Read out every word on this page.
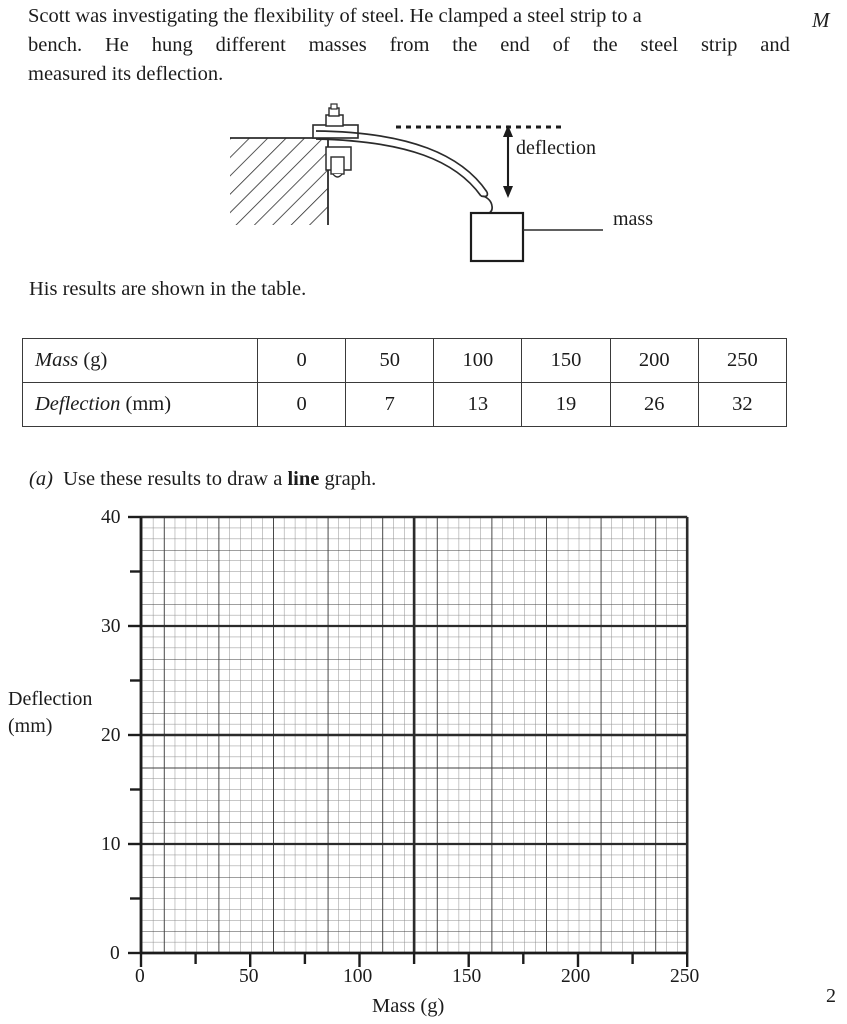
Scott was investigating the flexibility of steel. He clamped a steel strip to a
bench. He hung different masses from the end of the steel strip and
measured its deflection.
M
deflection
mass
His results are shown in the table.
Mass (g)	0	50	100	150	200	250
Deflection (mm)	0	7	13	19	26	32
(a) Use these results to draw a line graph.
0
10
20
30
40
0	50	100	150	200	250
Deflection
(mm)
Mass (g)	2
